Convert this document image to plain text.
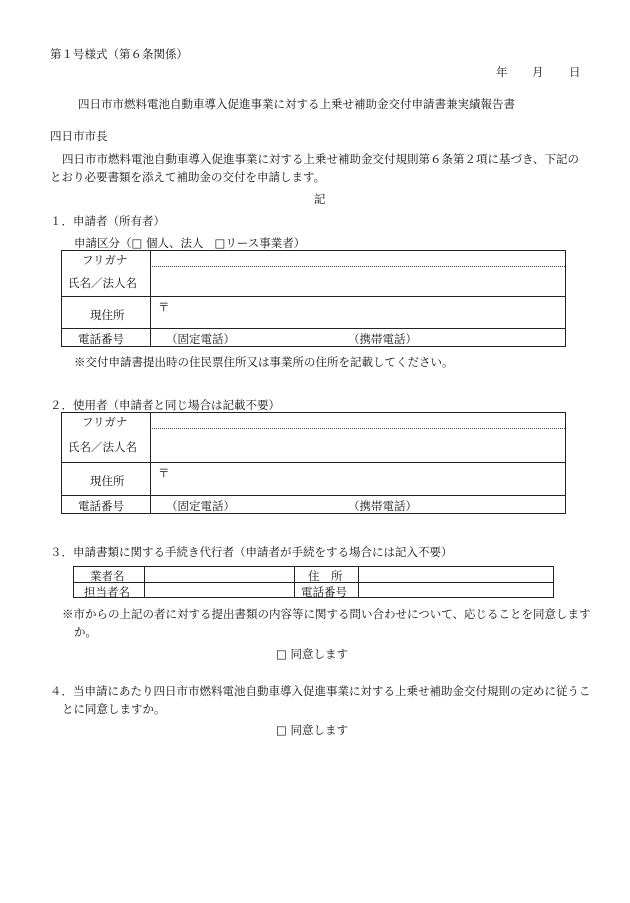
第１号様式（第６条関係）
年 月 日
四日市市燃料電池自動車導入促進事業に対する上乗せ補助金交付申請書兼実績報告書
四日市市長
四日市市燃料電池自動車導入促進事業に対する上乗せ補助金交付規則第６条第２項に基づき、下記のとおり必要書類を添えて補助金の交付を申請します。
記
１．申請者（所有者）
申請区分（□ 個人、法人 □リース事業者）
フリガナ
氏名／法人名
現住所
〒
電話番号	（固定電話）	（携帯電話）
※交付申請書提出時の住民票住所又は事業所の住所を記載してください。
２．使用者（申請者と同じ場合は記載不要）
フリガナ
氏名／法人名
現住所
〒
電話番号	（固定電話）	（携帯電話）
３．申請書類に関する手続き代行者（申請者が手続をする場合には記入不要）
業者名	住　所
担当者名	電話番号
※市からの上記の者に対する提出書類の内容等に関する問い合わせについて、応じることを同意しますか。
□ 同意します
４．当申請にあたり四日市市燃料電池自動車導入促進事業に対する上乗せ補助金交付規則の定めに従うことに同意しますか。
□ 同意します
